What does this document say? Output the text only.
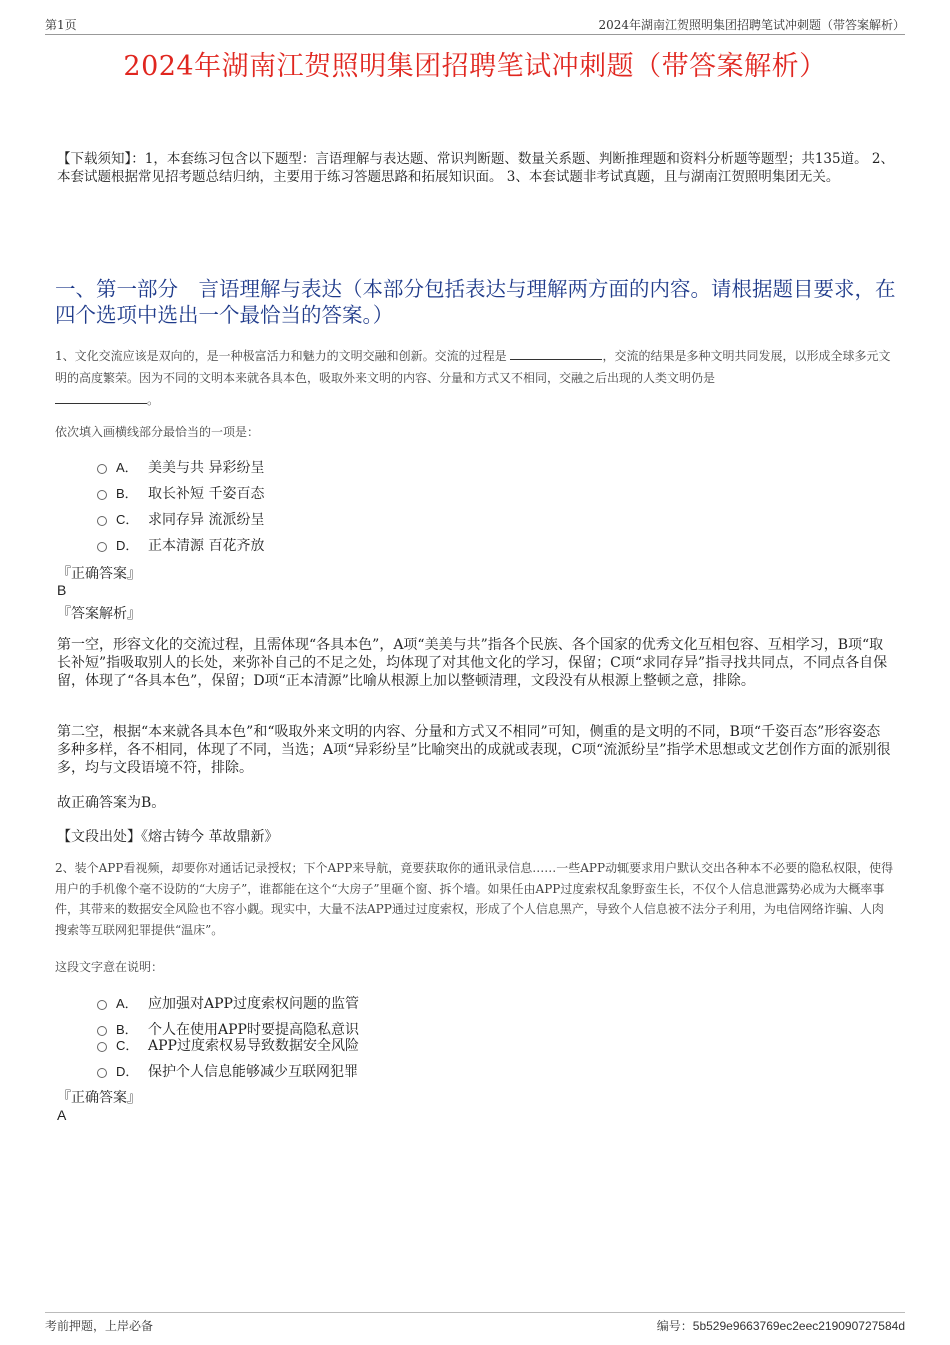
第1页	2024年湖南江贺照明集团招聘笔试冲刺题（带答案解析）
2024年湖南江贺照明集团招聘笔试冲刺题（带答案解析）
【下载须知】：1，本套练习包含以下题型：言语理解与表达题、常识判断题、数量关系题、判断推理题和资料分析题等题型；共135道。 2、本套试题根据常见招考题总结归纳，主要用于练习答题思路和拓展知识面。 3、本套试题非考试真题，且与湖南江贺照明集团无关。
一、第一部分　言语理解与表达（本部分包括表达与理解两方面的内容。请根据题目要求，在四个选项中选出一个最恰当的答案。）
1、文化交流应该是双向的，是一种极富活力和魅力的文明交融和创新。交流的过程是	，交流的结果是多种文明共同发展，以形成全球多元文明的高度繁荣。因为不同的文明本来就各具本色，吸取外来文明的内容、分量和方式又不相同，交融之后出现的人类文明仍是
。
依次填入画横线部分最恰当的一项是：
A． 美美与共 异彩纷呈
B． 取长补短 千姿百态
C． 求同存异 流派纷呈
D． 正本清源 百花齐放
『正确答案』
B
『答案解析』
第一空，形容文化的交流过程，且需体现“各具本色”，A项“美美与共”指各个民族、各个国家的优秀文化互相包容、互相学习，B项“取长补短”指吸取别人的长处，来弥补自己的不足之处，均体现了对其他文化的学习，保留；C项“求同存异”指寻找共同点，不同点各自保留，体现了“各具本色”，保留；D项“正本清源”比喻从根源上加以整顿清理，文段没有从根源上整顿之意，排除。
第二空，根据“本来就各具本色”和“吸取外来文明的内容、分量和方式又不相同”可知，侧重的是文明的不同，B项“千姿百态”形容姿态多种多样，各不相同，体现了不同，当选；A项“异彩纷呈”比喻突出的成就或表现，C项“流派纷呈”指学术思想或文艺创作方面的派别很多，均与文段语境不符，排除。
故正确答案为B。
【文段出处】《熔古铸今 革故鼎新》
2、装个APP看视频，却要你对通话记录授权；下个APP来导航，竟要获取你的通讯录信息……一些APP动辄要求用户默认交出各种本不必要的隐私权限，使得用户的手机像个毫不设防的“大房子”，谁都能在这个“大房子”里砸个窗、拆个墙。如果任由APP过度索权乱象野蛮生长，不仅个人信息泄露势必成为大概率事件，其带来的数据安全风险也不容小觑。现实中，大量不法APP通过过度索权，形成了个人信息黑产，导致个人信息被不法分子利用，为电信网络诈骗、人肉搜索等互联网犯罪提供“温床”。
这段文字意在说明：
A． 应加强对APP过度索权问题的监管
B． 个人在使用APP时要提高隐私意识
C． APP过度索权易导致数据安全风险
D． 保护个人信息能够减少互联网犯罪
『正确答案』
A
考前押题，上岸必备	编号：5b529e9663769ec2eec219090727584d
